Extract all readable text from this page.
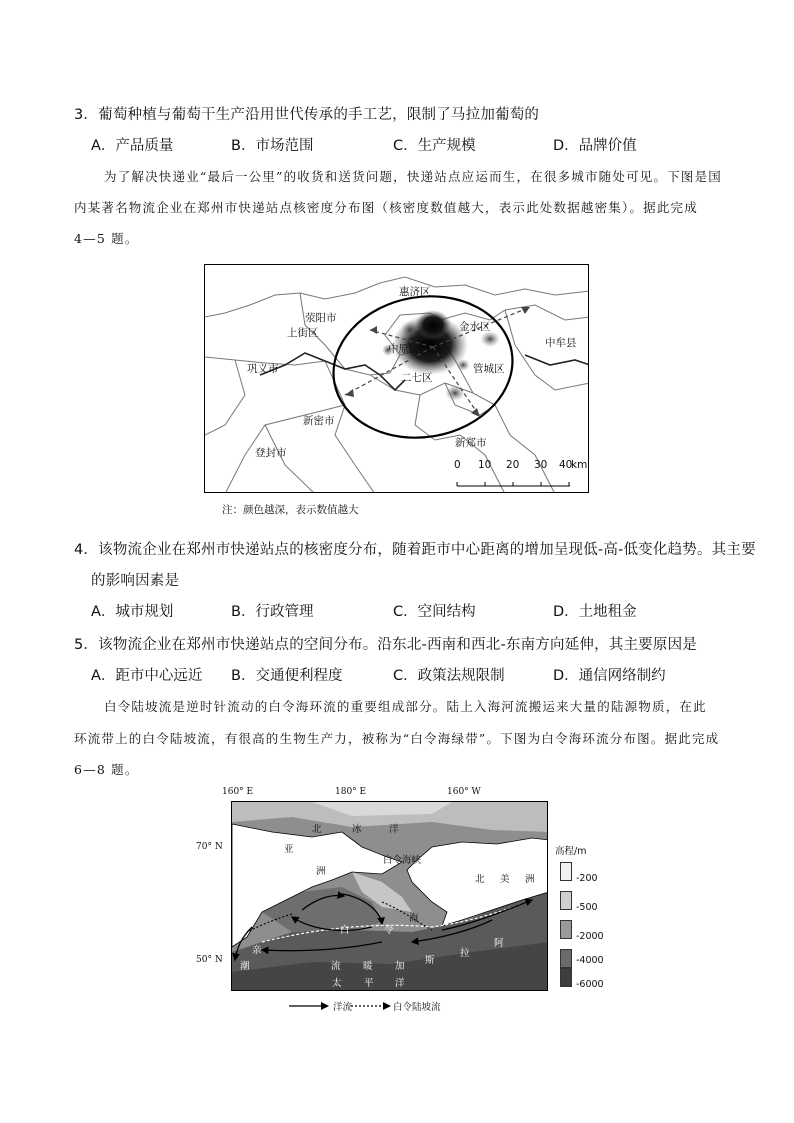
3．葡萄种植与葡萄干生产沿用世代传承的手工艺，限制了马拉加葡萄的
A．产品质量	B．市场范围	C．生产规模	D．品牌价值
为了解决快递业“最后一公里”的收货和送货问题，快递站点应运而生，在很多城市随处可见。下图是国
内某著名物流企业在郑州市快递站点核密度分布图（核密度数值越大，表示此处数据越密集）。据此完成
4—5 题。
惠济区
荥阳市
上街区	金水区
中原区	中牟县
巩义市	管城区
二七区
新密市
新郑市
登封市
0 10 20 30 40
km
注：颜色越深，表示数值越大
4．该物流企业在郑州市快递站点的核密度分布，随着距市中心距离的增加呈现低-高-低变化趋势。其主要
的影响因素是
A．城市规划	B．行政管理	C．空间结构	D．土地租金
5．该物流企业在郑州市快递站点的空间分布。沿东北-西南和西北-东南方向延伸，其主要原因是
A．距市中心远近 B．交通便利程度	C．政策法规限制	D．通信网络制约
白令陆坡流是逆时针流动的白令海环流的重要组成部分。陆上入海河流搬运来大量的陆源物质，在此
环流带上的白令陆坡流，有很高的生物生产力，被称为“白令海绿带”。下图为白令海环流分布图。据此完成
6—8 题。
160° E	180° E	160° W
70° N
50° N
北	冰	洋
亚
洲
白令海峡
北 美 洲
白	令
海
亲
潮	流
太 平 洋
暖
阿
拉
斯
加
高程/m
-200
-500
-2000
-4000
-6000
洋流	白令陆坡流
